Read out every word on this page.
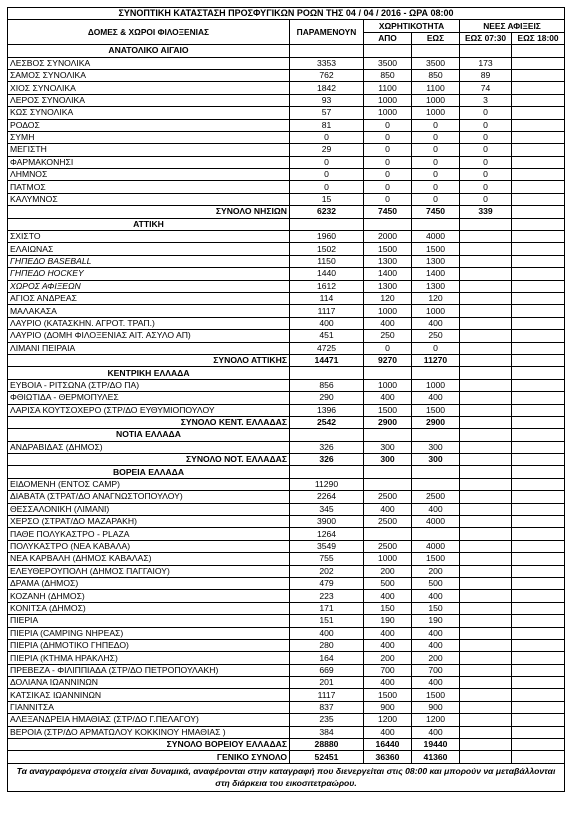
ΣΥΝΟΠΤΙΚΗ ΚΑΤΑΣΤΑΣΗ ΠΡΟΣΦΥΓΙΚΩΝ ΡΟΩΝ ΤΗΣ 04 / 04 / 2016 - ΩΡΑ 08:00					
ΔΟΜΕΣ & ΧΩΡΟΙ ΦΙΛΟΞΕΝΙΑΣ	ΠΑΡΑΜΕΝΟΥΝ	ΧΩΡΗΤΙΚΟΤΗΤΑ		ΝΕΕΣ ΑΦΙΞΕΙΣ	
		ΑΠΟ	ΕΩΣ	ΕΩΣ 07:30	ΕΩΣ 18:00
ΑΝΑΤΟΛΙΚΟ ΑΙΓΑΙΟ					
ΛΕΣΒΟΣ ΣΥΝΟΛΙΚΑ	3353	3500	3500	173	
ΣΑΜΟΣ ΣΥΝΟΛΙΚΑ	762	850	850	89	
ΧΙΟΣ ΣΥΝΟΛΙΚΑ	1842	1100	1100	74	
ΛΕΡΟΣ ΣΥΝΟΛΙΚΑ	93	1000	1000	3	
ΚΩΣ ΣΥΝΟΛΙΚΑ	57	1000	1000	0	
ΡΟΔΟΣ	81	0	0	0	
ΣΥΜΗ	0	0	0	0	
ΜΕΓΙΣΤΗ	29	0	0	0	
ΦΑΡΜΑΚΟΝΗΣΙ	0	0	0	0	
ΛΗΜΝΟΣ	0	0	0	0	
ΠΑΤΜΟΣ	0	0	0	0	
ΚΑΛΥΜΝΟΣ	15	0	0	0	
ΣΥΝΟΛΟ ΝΗΣΙΩΝ	6232	7450	7450	339	
ΑΤΤΙΚΗ					
ΣΧΙΣΤΟ	1960	2000	4000		
ΕΛΑΙΩΝΑΣ	1502	1500	1500		
ΓΗΠΕΔΟ BASEBALL	1150	1300	1300		
ΓΗΠΕΔΟ HOCKEY	1440	1400	1400		
ΧΩΡΟΣ ΑΦΙΞΕΩΝ	1612	1300	1300		
ΑΓΙΟΣ ΑΝΔΡΕΑΣ	114	120	120		
ΜΑΛΑΚΑΣΑ	1117	1000	1000		
ΛΑΥΡΙΟ (ΚΑΤΑΣΚΗΝ. ΑΓΡΟΤ. ΤΡΑΠ.)	400	400	400		
ΛΑΥΡΙΟ (ΔΟΜΗ ΦΙΛΟΞΕΝΙΑΣ ΑΙΤ. ΑΣΥΛΟ ΑΠ)	451	250	250		
ΛΙΜΑΝΙ ΠΕΙΡΑΙΑ	4725	0	0		
ΣΥΝΟΛΟ ΑΤΤΙΚΗΣ	14471	9270	11270		
ΚΕΝΤΡΙΚΗ ΕΛΛΑΔΑ					
ΕΥΒΟΙΑ - ΡΙΤΣΩΝΑ (ΣΤΡ/ΔΟ ΠΑ)	856	1000	1000		
ΦΘΙΩΤΙΔΑ - ΘΕΡΜΟΠΥΛΕΣ	290	400	400		
ΛΑΡΙΣΑ ΚΟΥΤΣΟΧΕΡΟ (ΣΤΡ/ΔΟ ΕΥΘΥΜΙΟΠΟΥΛΟΥ	1396	1500	1500		
ΣΥΝΟΛΟ ΚΕΝΤ. ΕΛΛΑΔΑΣ	2542	2900	2900		
ΝΟΤΙΑ ΕΛΛΑΔΑ					
ΑΝΔΡΑΒΙΔΑΣ (ΔΗΜΟΣ)	326	300	300		
ΣΥΝΟΛΟ ΝΟΤ. ΕΛΛΑΔΑΣ	326	300	300		
ΒΟΡΕΙΑ ΕΛΛΑΔΑ					
ΕΙΔΟΜΕΝΗ (ΕΝΤΟΣ CAMP)	11290				
ΔΙΑΒΑΤΑ (ΣΤΡΑΤ/ΔΟ ΑΝΑΓΝΩΣΤΟΠΟΥΛΟΥ)	2264	2500	2500		
ΘΕΣΣΑΛΟΝΙΚΗ (ΛΙΜΑΝΙ)	345	400	400		
ΧΕΡΣΟ (ΣΤΡΑΤ/ΔΟ ΜΑΖΑΡΑΚΗ)	3900	2500	4000		
ΠΑΘΕ ΠΟΛΥΚΑΣΤΡΟ - PLAZA	1264				
ΠΟΛΥΚΑΣΤΡΟ (ΝΕΑ ΚΑΒΑΛΑ)	3549	2500	4000		
ΝΕΑ ΚΑΡΒΑΛΗ (ΔΗΜΟΣ ΚΑΒΑΛΑΣ)	755	1000	1500		
ΕΛΕΥΘΕΡΟΥΠΟΛΗ (ΔΗΜΟΣ ΠΑΓΓΑΙΟΥ)	202	200	200		
ΔΡΑΜΑ (ΔΗΜΟΣ)	479	500	500		
ΚΟΖΑΝΗ (ΔΗΜΟΣ)	223	400	400		
ΚΟΝΙΤΣΑ (ΔΗΜΟΣ)	171	150	150		
ΠΙΕΡΙΑ	151	190	190		
ΠΙΕΡΙΑ (CAMPING ΝΗΡΕΑΣ)	400	400	400		
ΠΙΕΡΙΑ (ΔΗΜΟΤΙΚΟ ΓΗΠΕΔΟ)	280	400	400		
ΠΙΕΡΙΑ (ΚΤΗΜΑ ΗΡΑΚΛΗΣ)	164	200	200		
ΠΡΕΒΕΖΑ - ΦΙΛΙΠΠΙΑΔΑ (ΣΤΡ/ΔΟ ΠΕΤΡΟΠΟΥΛΑΚΗ)	669	700	700		
ΔΟΛΙΑΝΑ ΙΩΑΝΝΙΝΩΝ	201	400	400		
ΚΑΤΣΙΚΑΣ ΙΩΑΝΝΙΝΩΝ	1117	1500	1500		
ΓΙΑΝΝΙΤΣΑ	837	900	900		
ΑΛΕΞΑΝΔΡΕΙΑ ΗΜΑΘΙΑΣ (ΣΤΡ/ΔΟ Γ.ΠΕΛΑΓΟΥ)	235	1200	1200		
ΒΕΡΟΙΑ (ΣΤΡ/ΔΟ ΑΡΜΑΤΩΛΟΥ ΚΟΚΚΙΝΟΥ ΗΜΑΘΙΑΣ )	384	400	400		
ΣΥΝΟΛΟ ΒΟΡΕΙΟΥ ΕΛΛΑΔΑΣ	28880	16440	19440		
ΓΕΝΙΚΟ ΣΥΝΟΛΟ	52451	36360	41360		
Τα αναγραφόμενα στοιχεία είναι δυναμικά, αναφέρονται στην καταγραφή που διενεργείται στις 08:00 και μπορούν να μεταβάλλονται στη διάρκεια του εικοσιτετραώρου.					
